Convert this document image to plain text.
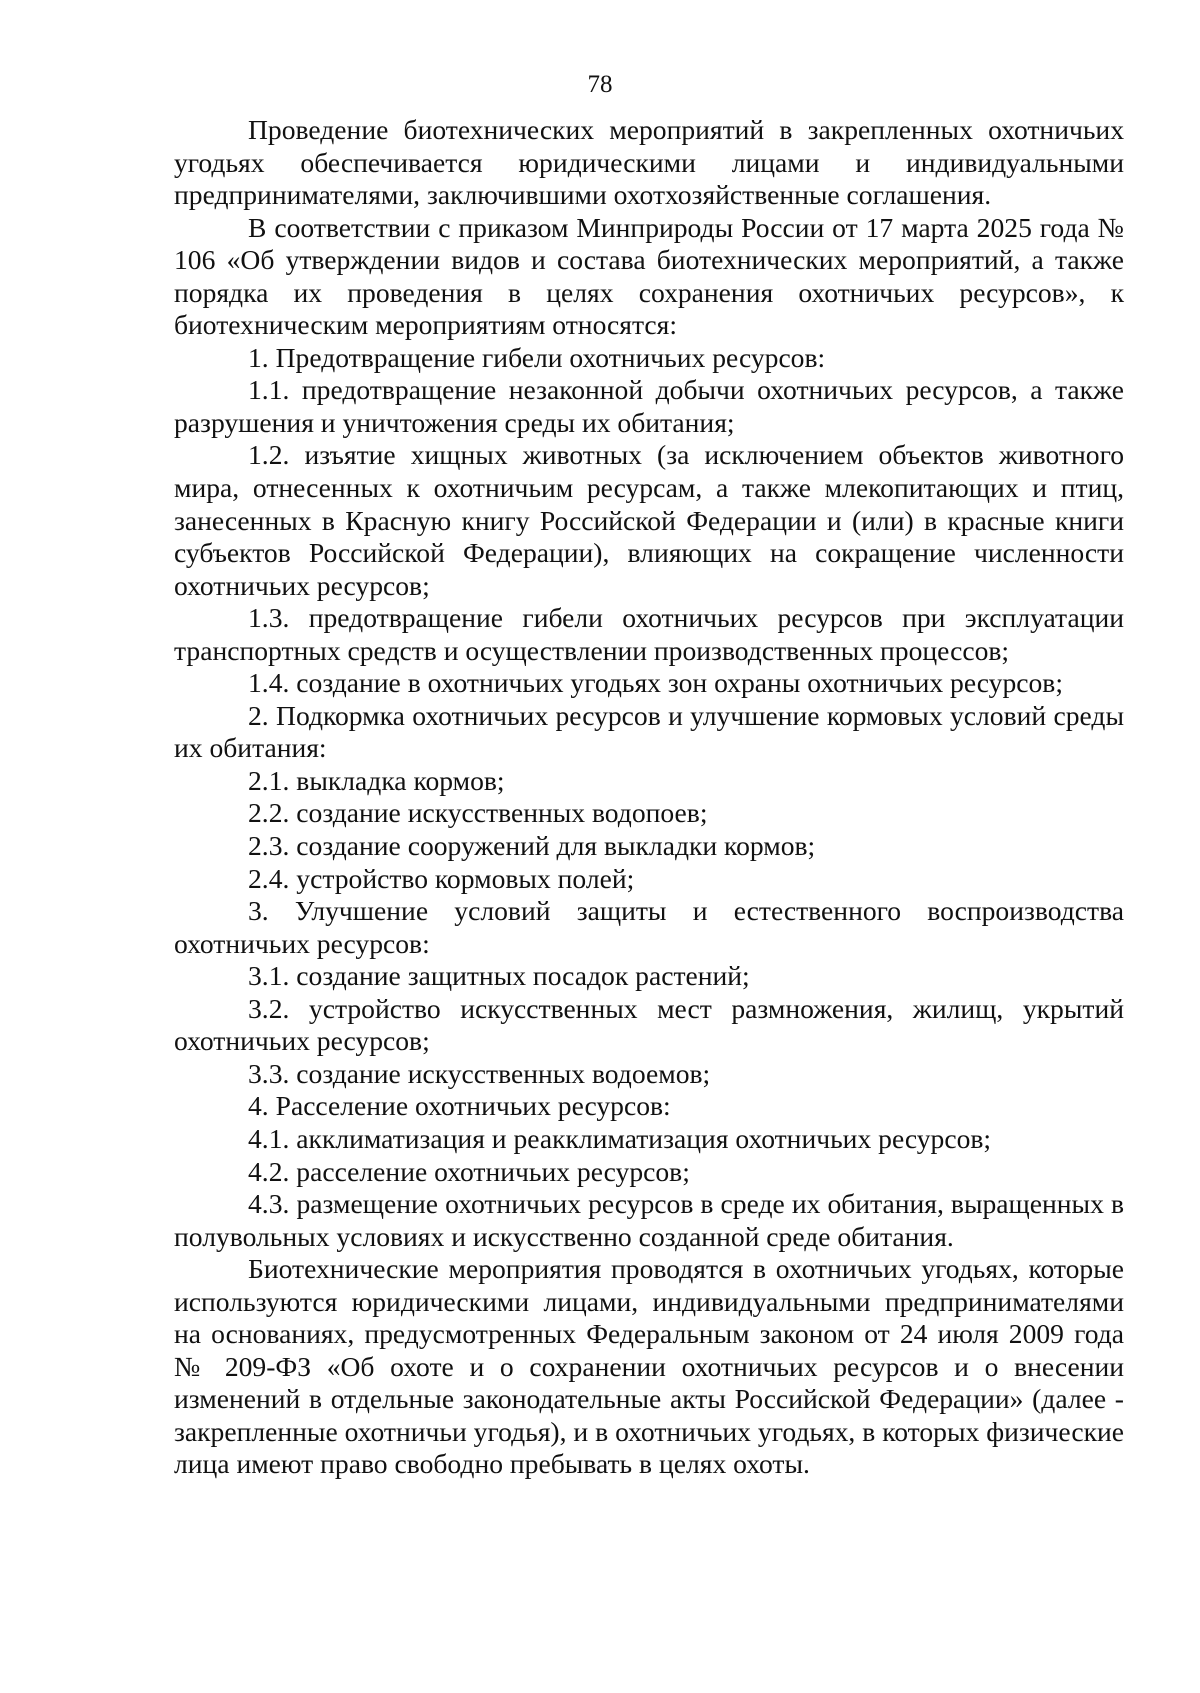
78

Проведение биотехнических мероприятий в закрепленных охотничьих угодьях обеспечивается юридическими лицами и индивидуальными предпринимателями, заключившими охотхозяйственные соглашения.

В соответствии с приказом Минприроды России от 17 марта 2025 года № 106 «Об утверждении видов и состава биотехнических мероприятий, а также порядка их проведения в целях сохранения охотничьих ресурсов», к биотехническим мероприятиям относятся:

1. Предотвращение гибели охотничьих ресурсов:

1.1. предотвращение незаконной добычи охотничьих ресурсов, а также разрушения и уничтожения среды их обитания;

1.2. изъятие хищных животных (за исключением объектов животного мира, отнесенных к охотничьим ресурсам, а также млекопитающих и птиц, занесенных в Красную книгу Российской Федерации и (или) в красные книги субъектов Российской Федерации), влияющих на сокращение численности охотничьих ресурсов;

1.3. предотвращение гибели охотничьих ресурсов при эксплуатации транспортных средств и осуществлении производственных процессов;

1.4. создание в охотничьих угодьях зон охраны охотничьих ресурсов;

2. Подкормка охотничьих ресурсов и улучшение кормовых условий среды их обитания:

2.1. выкладка кормов;

2.2. создание искусственных водопоев;

2.3. создание сооружений для выкладки кормов;

2.4. устройство кормовых полей;

3. Улучшение условий защиты и естественного воспроизводства охотничьих ресурсов:

3.1. создание защитных посадок растений;

3.2. устройство искусственных мест размножения, жилищ, укрытий охотничьих ресурсов;

3.3. создание искусственных водоемов;

4. Расселение охотничьих ресурсов:

4.1. акклиматизация и реакклиматизация охотничьих ресурсов;

4.2. расселение охотничьих ресурсов;

4.3. размещение охотничьих ресурсов в среде их обитания, выращенных в полувольных условиях и искусственно созданной среде обитания.

Биотехнические мероприятия проводятся в охотничьих угодьях, которые используются юридическими лицами, индивидуальными предпринимателями на основаниях, предусмотренных Федеральным законом от 24 июля 2009 года № 209-ФЗ «Об охоте и о сохранении охотничьих ресурсов и о внесении изменений в отдельные законодательные акты Российской Федерации» (далее - закрепленные охотничьи угодья), и в охотничьих угодьях, в которых физические лица имеют право свободно пребывать в целях охоты.
